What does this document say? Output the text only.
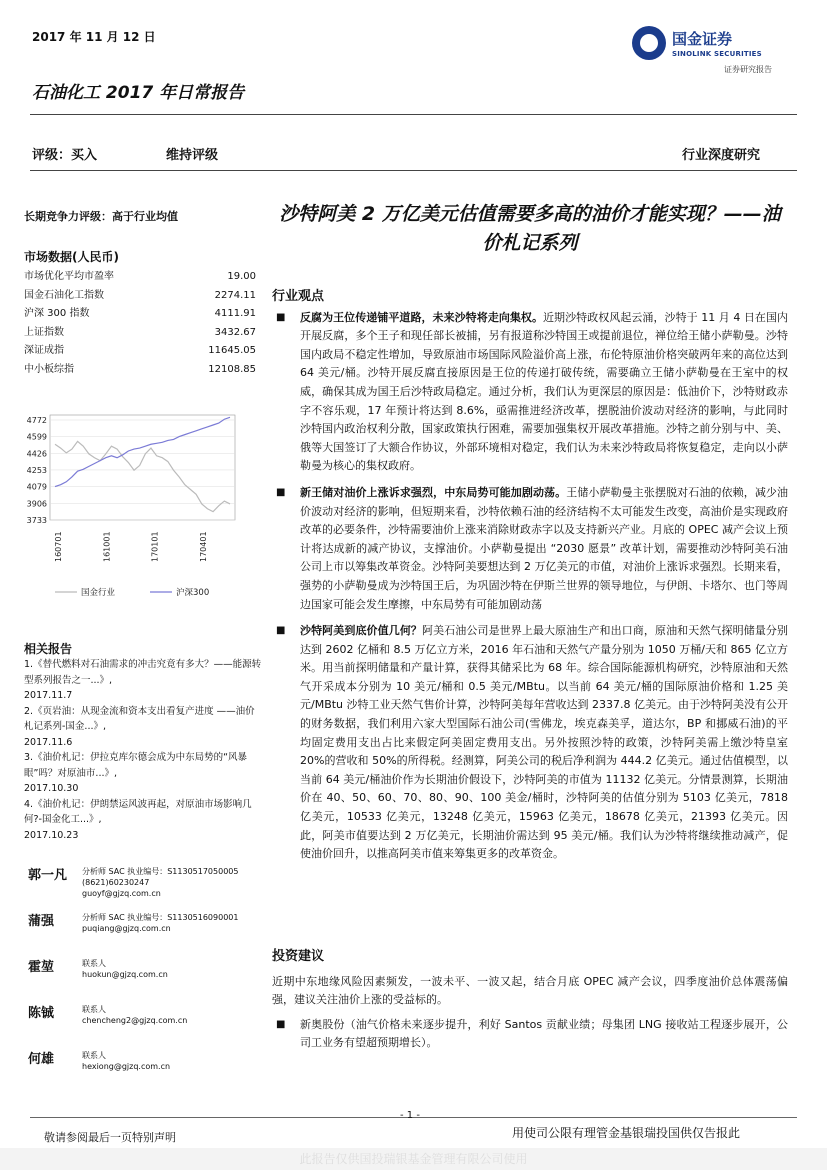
2017 年 11 月 12 日	国金证券
SINOLINK SECURITIES
证券研究报告
石油化工 2017 年日常报告
评级：买入	维持评级	行业深度研究
长期竞争力评级：高于行业均值
市场数据(人民币)
市场优化平均市盈率	19.00
国金石油化工指数	2274.11
沪深 300 指数	4111.91
上证指数	3432.67
深证成指	11645.05
中小板综指	12108.85
4772
4599
4426
4253
4079
3906
3733
160701	161001	170101	170401
国金行业	沪深300
相关报告
1.《替代燃料对石油需求的冲击究竟有多大？——能源转型系列报告之一...》,
2017.11.7
2.《页岩油：从现金流和资本支出看复产进度 ——油价札记系列-国金...》,
2017.11.6
3.《油价札记：伊拉克库尔德会成为中东局势的“风暴眼”吗？对原油市...》,
2017.10.30
4.《油价札记：伊朗禁运风波再起，对原油市场影响几何?-国金化工...》,
2017.10.23
郭一凡 分析师 SAC 执业编号：S1130517050005
(8621)60230247
guoyf@gjzq.com.cn
蒲强	分析师 SAC 执业编号：S1130516090001
puqiang@gjzq.com.cn
霍堃	联系人
huokun@gjzq.com.cn
陈铖	联系人
chencheng2@gjzq.com.cn
何雄	联系人
hexiong@gjzq.com.cn
沙特阿美 2 万亿美元估值需要多高的油价才能实现？——油价札记系列
行业观点
■ 反腐为王位传递铺平道路，未来沙特将走向集权。近期沙特政权风起云涌，沙特于 11 月 4 日在国内开展反腐，多个王子和现任部长被捕，另有报道称沙特国王或提前退位，禅位给王储小萨勒曼。沙特国内政局不稳定性增加，导致原油市场国际风险溢价高上涨，布伦特原油价格突破两年来的高位达到 64 美元/桶。沙特开展反腐直接原因是王位的传递打破传统，需要确立王储小萨勒曼在王室中的权威，确保其成为国王后沙特政局稳定。通过分析，我们认为更深层的原因是：低油价下，沙特财政赤字不容乐观，17 年预计将达到 8.6%，亟需推进经济改革，摆脱油价波动对经济的影响，与此同时沙特国内政治权利分散，国家政策执行困难，需要加强集权开展改革措施。沙特之前分别与中、美、俄等大国签订了大额合作协议，外部环境相对稳定，我们认为未来沙特政局将恢复稳定，走向以小萨勒曼为核心的集权政府。
■ 新王储对油价上涨诉求强烈，中东局势可能加剧动荡。王储小萨勒曼主张摆脱对石油的依赖，减少油价波动对经济的影响，但短期来看，沙特依赖石油的经济结构不太可能发生改变，高油价是实现政府改革的必要条件，沙特需要油价上涨来消除财政赤字以及支持新兴产业。月底的 OPEC 减产会议上预计将达成新的减产协议，支撑油价。小萨勒曼提出 “2030 愿景” 改革计划，需要推动沙特阿美石油公司上市以筹集改革资金。沙特阿美要想达到 2 万亿美元的市值，对油价上涨诉求强烈。长期来看，强势的小萨勒曼成为沙特国王后，为巩固沙特在伊斯兰世界的领导地位，与伊朗、卡塔尔、也门等周边国家可能会发生摩擦，中东局势有可能加剧动荡
■ 沙特阿美到底价值几何？阿美石油公司是世界上最大原油生产和出口商，原油和天然气探明储量分别达到 2602 亿桶和 8.5 万亿立方米，2016 年石油和天然气产量分别为 1050 万桶/天和 865 亿立方米。用当前探明储量和产量计算，获得其储采比为 68 年。综合国际能源机构研究，沙特原油和天然气开采成本分别为 10 美元/桶和 0.5 美元/MBtu。以当前 64 美元/桶的国际原油价格和 1.25 美元/MBtu 沙特工业天然气售价计算，沙特阿美每年营收达到 2337.8 亿美元。由于沙特阿美没有公开的财务数据，我们利用六家大型国际石油公司(雪佛龙，埃克森美孚，道达尔，BP 和挪威石油)的平均固定费用支出占比来假定阿美固定费用支出。另外按照沙特的政策，沙特阿美需上缴沙特皇室 20%的营收和 50%的所得税。经测算，阿美公司的税后净利润为 444.2 亿美元。通过估值模型，以当前 64 美元/桶油价作为长期油价假设下，沙特阿美的市值为 11132 亿美元。分情景测算，长期油价在 40、50、60、70、80、90、100 美金/桶时，沙特阿美的估值分别为 5103 亿美元，7818 亿美元，10533 亿美元，13248 亿美元，15963 亿美元，18678 亿美元，21393 亿美元。因此，阿美市值要达到 2 万亿美元，长期油价需达到 95 美元/桶。我们认为沙特将继续推动减产，促使油价回升，以推高阿美市值来筹集更多的改革资金。
投资建议
近期中东地缘风险因素频发，一波未平、一波又起，结合月底 OPEC 减产会议，四季度油价总体震荡偏强，建议关注油价上涨的受益标的。
■ 新奥股份（油气价格未来逐步提升，利好 Santos 贡献业绩；母集团 LNG 接收站工程逐步展开，公司工业务有望超预期增长）。
- 1 -
敬请参阅最后一页特别声明	用使司公限有理管金基银瑞投国供仅告报此
此报告仅供国投瑞银基金管理有限公司使用
